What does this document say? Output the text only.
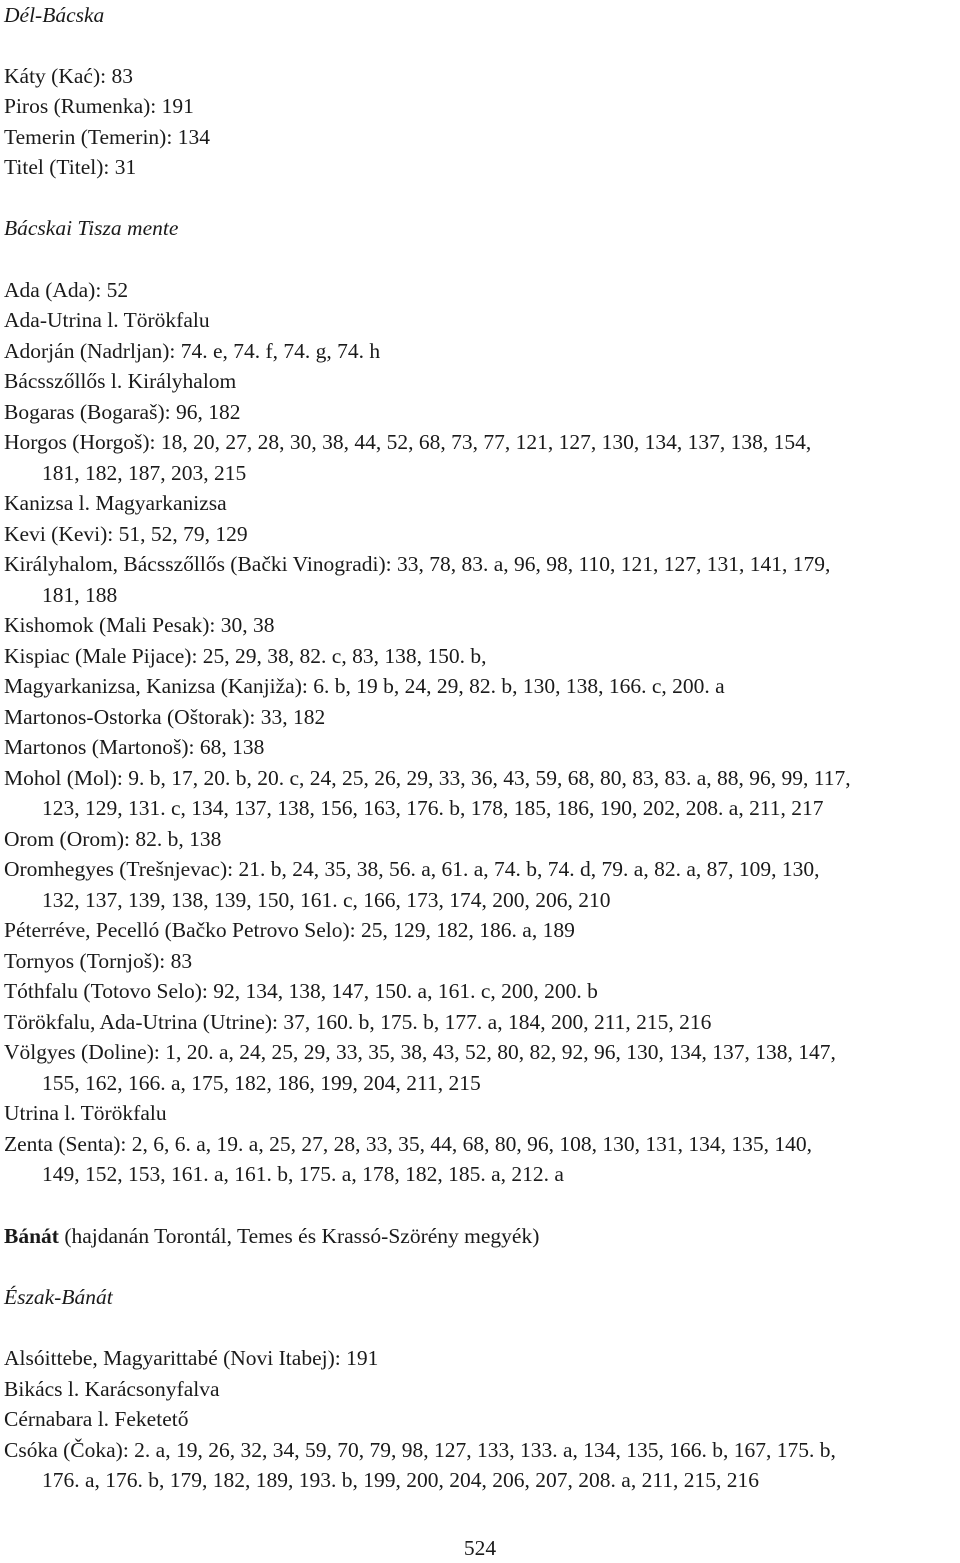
Dél-Bácska
Káty (Kać): 83
Piros (Rumenka): 191
Temerin (Temerin): 134
Titel (Titel): 31
Bácskai Tisza mente
Ada (Ada): 52
Ada-Utrina l. Törökfalu
Adorján (Nadrljan): 74. e, 74. f, 74. g, 74. h
Bácsszőllős l. Királyhalom
Bogaras (Bogaraš): 96, 182
Horgos (Horgoš): 18, 20, 27, 28, 30, 38, 44, 52, 68, 73, 77, 121, 127, 130, 134, 137, 138, 154,
181, 182, 187, 203, 215
Kanizsa l. Magyarkanizsa
Kevi (Kevi): 51, 52, 79, 129
Királyhalom, Bácsszőllős (Bački Vinogradi): 33, 78, 83. a, 96, 98, 110, 121, 127, 131, 141, 179,
181, 188
Kishomok (Mali Pesak): 30, 38
Kispiac (Male Pijace): 25, 29, 38, 82. c, 83, 138, 150. b,
Magyarkanizsa, Kanizsa (Kanjiža): 6. b, 19 b, 24, 29, 82. b, 130, 138, 166. c, 200. a
Martonos-Ostorka (Oštorak): 33, 182
Martonos (Martonoš): 68, 138
Mohol (Mol): 9. b, 17, 20. b, 20. c, 24, 25, 26, 29, 33, 36, 43, 59, 68, 80, 83, 83. a, 88, 96, 99, 117,
123, 129, 131. c, 134, 137, 138, 156, 163, 176. b, 178, 185, 186, 190, 202, 208. a, 211, 217
Orom (Orom): 82. b, 138
Oromhegyes (Trešnjevac): 21. b, 24, 35, 38, 56. a, 61. a, 74. b, 74. d, 79. a, 82. a, 87, 109, 130,
132, 137, 139, 138, 139, 150, 161. c, 166, 173, 174, 200, 206, 210
Péterréve, Pecelló (Bačko Petrovo Selo): 25, 129, 182, 186. a, 189
Tornyos (Tornjoš): 83
Tóthfalu (Totovo Selo): 92, 134, 138, 147, 150. a, 161. c, 200, 200. b
Törökfalu, Ada-Utrina (Utrine): 37, 160. b, 175. b, 177. a, 184, 200, 211, 215, 216
Völgyes (Doline): 1, 20. a, 24, 25, 29, 33, 35, 38, 43, 52, 80, 82, 92, 96, 130, 134, 137, 138, 147,
155, 162, 166. a, 175, 182, 186, 199, 204, 211, 215
Utrina l. Törökfalu
Zenta (Senta): 2, 6, 6. a, 19. a, 25, 27, 28, 33, 35, 44, 68, 80, 96, 108, 130, 131, 134, 135, 140,
149, 152, 153, 161. a, 161. b, 175. a, 178, 182, 185. a, 212. a
Bánát (hajdanán Torontál, Temes és Krassó-Szörény megyék)
Észak-Bánát
Alsóittebe, Magyarittabé (Novi Itabej): 191
Bikács l. Karácsonyfalva
Cérnabara l. Feketető
Csóka (Čoka): 2. a, 19, 26, 32, 34, 59, 70, 79, 98, 127, 133, 133. a, 134, 135, 166. b, 167, 175. b,
176. a, 176. b, 179, 182, 189, 193. b, 199, 200, 204, 206, 207, 208. a, 211, 215, 216
524
